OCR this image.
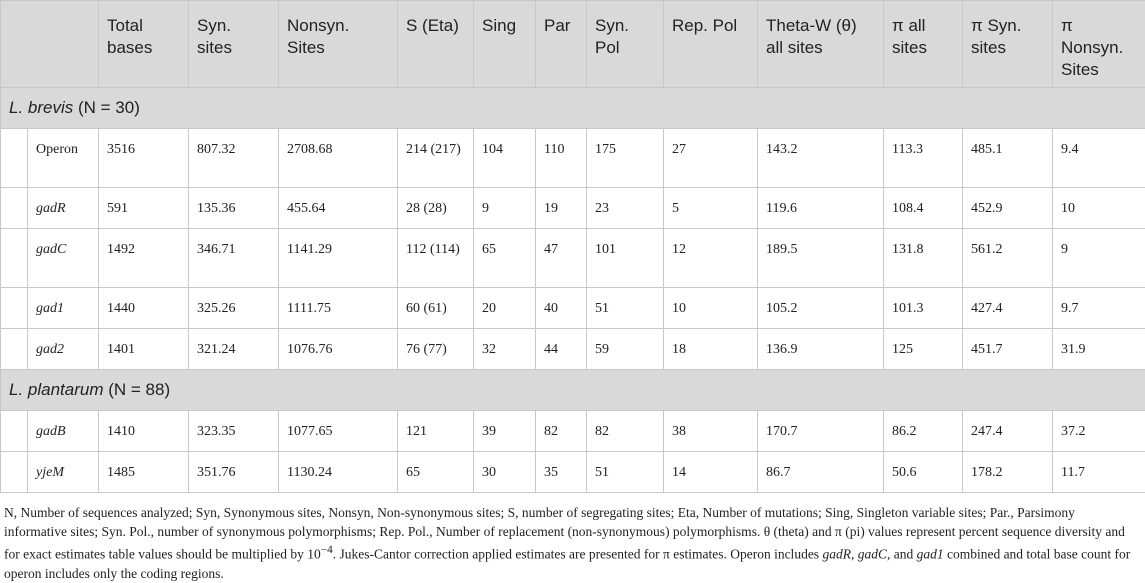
		Total bases	Syn. sites	Nonsyn. Sites	S (Eta)	Sing	Par	Syn. Pol	Rep. Pol	Theta-W (θ) all sites	π all sites	π Syn. sites	π Nonsyn. Sites
L. brevis (N = 30)													
	Operon	3516	807.32	2708.68	214 (217)	104	110	175	27	143.2	113.3	485.1	9.4
	gadR	591	135.36	455.64	28 (28)	9	19	23	5	119.6	108.4	452.9	10
	gadC	1492	346.71	1141.29	112 (114)	65	47	101	12	189.5	131.8	561.2	9
	gad1	1440	325.26	1111.75	60 (61)	20	40	51	10	105.2	101.3	427.4	9.7
	gad2	1401	321.24	1076.76	76 (77)	32	44	59	18	136.9	125	451.7	31.9
L. plantarum (N = 88)													
	gadB	1410	323.35	1077.65	121	39	82	82	38	170.7	86.2	247.4	37.2
	yjeM	1485	351.76	1130.24	65	30	35	51	14	86.7	50.6	178.2	11.7
N, Number of sequences analyzed; Syn, Synonymous sites, Nonsyn, Non-synonymous sites; S, number of segregating sites; Eta, Number of mutations; Sing, Singleton variable sites; Par., Parsimony informative sites; Syn. Pol., number of synonymous polymorphisms; Rep. Pol., Number of replacement (non-synonymous) polymorphisms. θ (theta) and π (pi) values represent percent sequence diversity and for exact estimates table values should be multiplied by $10^{-4}$. Jukes-Cantor correction applied estimates are presented for π estimates. Operon includes gadR, gadC, and gad1 combined and total base count for operon includes only the coding regions.
